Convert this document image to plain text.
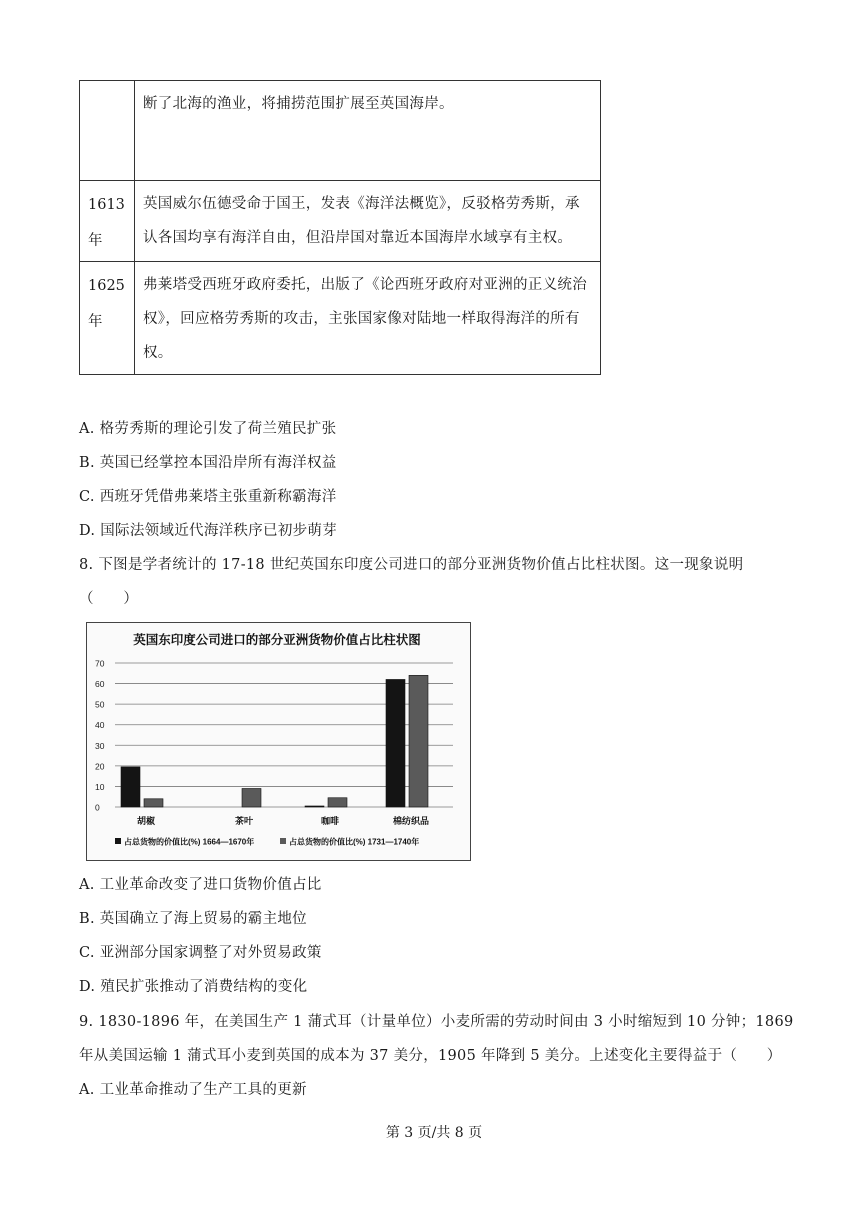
	断了北海的渔业，将捕捞范围扩展至英国海岸。
1613年	英国威尔伍德受命于国王，发表《海洋法概览》，反驳格劳秀斯，承认各国均享有海洋自由，但沿岸国对靠近本国海岸水域享有主权。
1625年	弗莱塔受西班牙政府委托，出版了《论西班牙政府对亚洲的正义统治权》，回应格劳秀斯的攻击，主张国家像对陆地一样取得海洋的所有权。
A. 格劳秀斯的理论引发了荷兰殖民扩张
B. 英国已经掌控本国沿岸所有海洋权益
C. 西班牙凭借弗莱塔主张重新称霸海洋
D. 国际法领域近代海洋秩序已初步萌芽
8. 下图是学者统计的 17-18 世纪英国东印度公司进口的部分亚洲货物价值占比柱状图。这一现象说明
（　　）
英国东印度公司进口的部分亚洲货物价值占比柱状图
0
10
20
30
40
50
60
70
胡椒	茶叶	咖啡	棉纺织品
占总货物的价值比(%) 1664—1670年	占总货物的价值比(%) 1731—1740年
A. 工业革命改变了进口货物价值占比
B. 英国确立了海上贸易的霸主地位
C. 亚洲部分国家调整了对外贸易政策
D. 殖民扩张推动了消费结构的变化
9. 1830-1896 年，在美国生产 1 蒲式耳（计量单位）小麦所需的劳动时间由 3 小时缩短到 10 分钟；1869
年从美国运输 1 蒲式耳小麦到英国的成本为 37 美分，1905 年降到 5 美分。上述变化主要得益于（　　）
A. 工业革命推动了生产工具的更新
第 3 页/共 8 页
